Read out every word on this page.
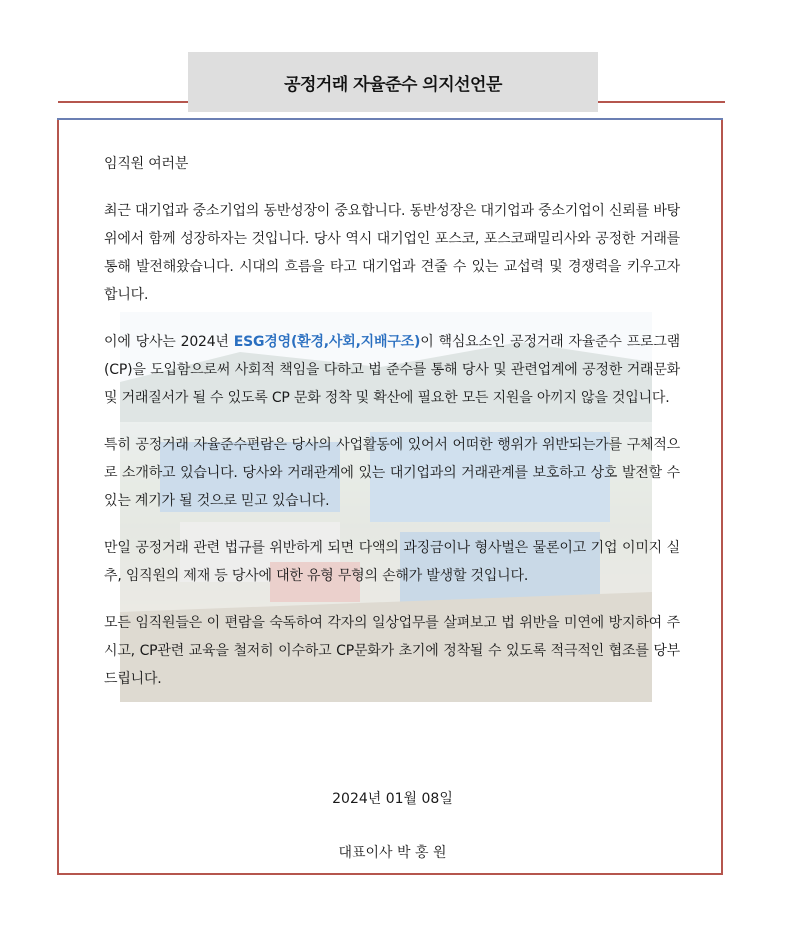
공정거래 자율준수 의지선언문

임직원 여러분

최근 대기업과 중소기업의 동반성장이 중요합니다. 동반성장은 대기업과 중소기업이 신뢰를 바탕 위에서 함께 성장하자는 것입니다. 당사 역시 대기업인 포스코, 포스코패밀리사와 공정한 거래를 통해 발전해왔습니다. 시대의 흐름을 타고 대기업과 견줄 수 있는 교섭력 및 경쟁력을 키우고자 합니다.

이에 당사는 2024년 ESG경영(환경,사회,지배구조)이 핵심요소인 공정거래 자율준수 프로그램(CP)을 도입함으로써 사회적 책임을 다하고 법 준수를 통해 당사 및 관련업계에 공정한 거래문화 및 거래질서가 될 수 있도록 CP 문화 정착 및 확산에 필요한 모든 지원을 아끼지 않을 것입니다.

특히 공정거래 자율준수편람은 당사의 사업활동에 있어서 어떠한 행위가 위반되는가를 구체적으로 소개하고 있습니다. 당사와 거래관계에 있는 대기업과의 거래관계를 보호하고 상호 발전할 수 있는 계기가 될 것으로 믿고 있습니다.

만일 공정거래 관련 법규를 위반하게 되면 다액의 과징금이나 형사벌은 물론이고 기업 이미지 실추, 임직원의 제재 등 당사에 대한 유형 무형의 손해가 발생할 것입니다.

모든 임직원들은 이 편람을 숙독하여 각자의 일상업무를 살펴보고 법 위반을 미연에 방지하여 주시고, CP관련 교육을 철저히 이수하고 CP문화가 초기에 정착될 수 있도록 적극적인 협조를 당부드립니다.

2024년 01월 08일
대표이사 박 홍 원
